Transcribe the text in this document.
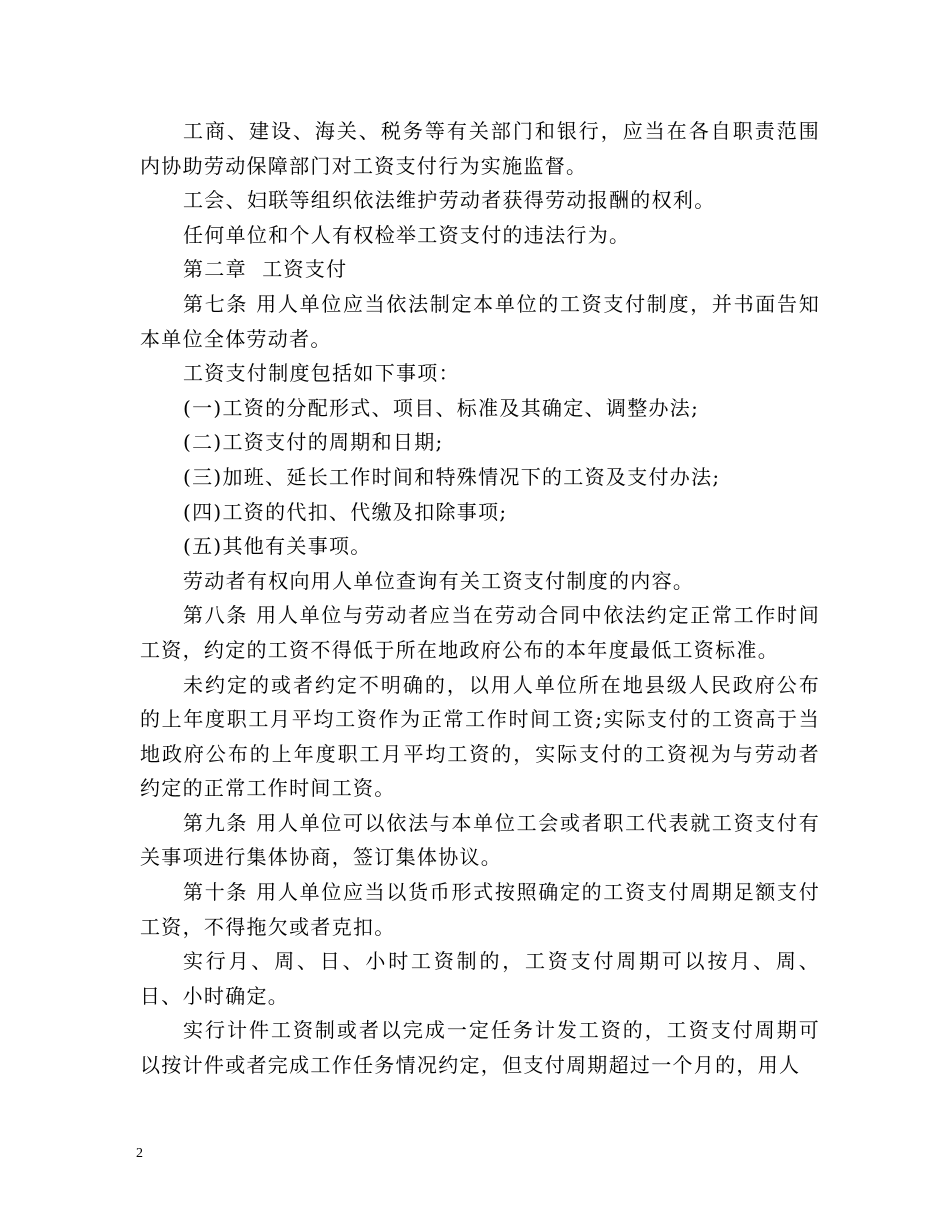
工商、建设、海关、税务等有关部门和银行，应当在各自职责范围内协助劳动保障部门对工资支付行为实施监督。

工会、妇联等组织依法维护劳动者获得劳动报酬的权利。

任何单位和个人有权检举工资支付的违法行为。

第二章  工资支付

第七条 用人单位应当依法制定本单位的工资支付制度，并书面告知本单位全体劳动者。

工资支付制度包括如下事项：

(一)工资的分配形式、项目、标准及其确定、调整办法;

(二)工资支付的周期和日期;

(三)加班、延长工作时间和特殊情况下的工资及支付办法;

(四)工资的代扣、代缴及扣除事项;

(五)其他有关事项。

劳动者有权向用人单位查询有关工资支付制度的内容。

第八条 用人单位与劳动者应当在劳动合同中依法约定正常工作时间工资，约定的工资不得低于所在地政府公布的本年度最低工资标准。

未约定的或者约定不明确的，以用人单位所在地县级人民政府公布的上年度职工月平均工资作为正常工作时间工资;实际支付的工资高于当地政府公布的上年度职工月平均工资的，实际支付的工资视为与劳动者约定的正常工作时间工资。

第九条 用人单位可以依法与本单位工会或者职工代表就工资支付有关事项进行集体协商，签订集体协议。

第十条 用人单位应当以货币形式按照确定的工资支付周期足额支付工资，不得拖欠或者克扣。

实行月、周、日、小时工资制的，工资支付周期可以按月、周、日、小时确定。

实行计件工资制或者以完成一定任务计发工资的，工资支付周期可以按计件或者完成工作任务情况约定，但支付周期超过一个月的，用人

2
